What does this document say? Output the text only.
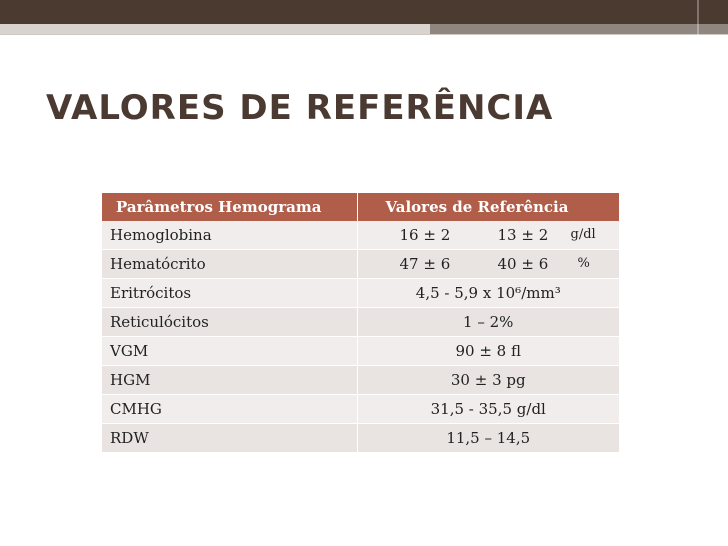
VALORES DE REFERÊNCIA
Parâmetros Hemograma	Valores de Referência
Hemoglobina	16 ± 2 13 ± 2 g/dl

Hematócrito	47 ± 6 40 ± 6 %

Eritrócitos	4,5 - 5,9 x 10⁶/mm³
Reticulócitos	1 – 2%
VGM	90 ± 8 fl
HGM	30 ± 3 pg
CMHG	31,5 - 35,5 g/dl
RDW	11,5 – 14,5
